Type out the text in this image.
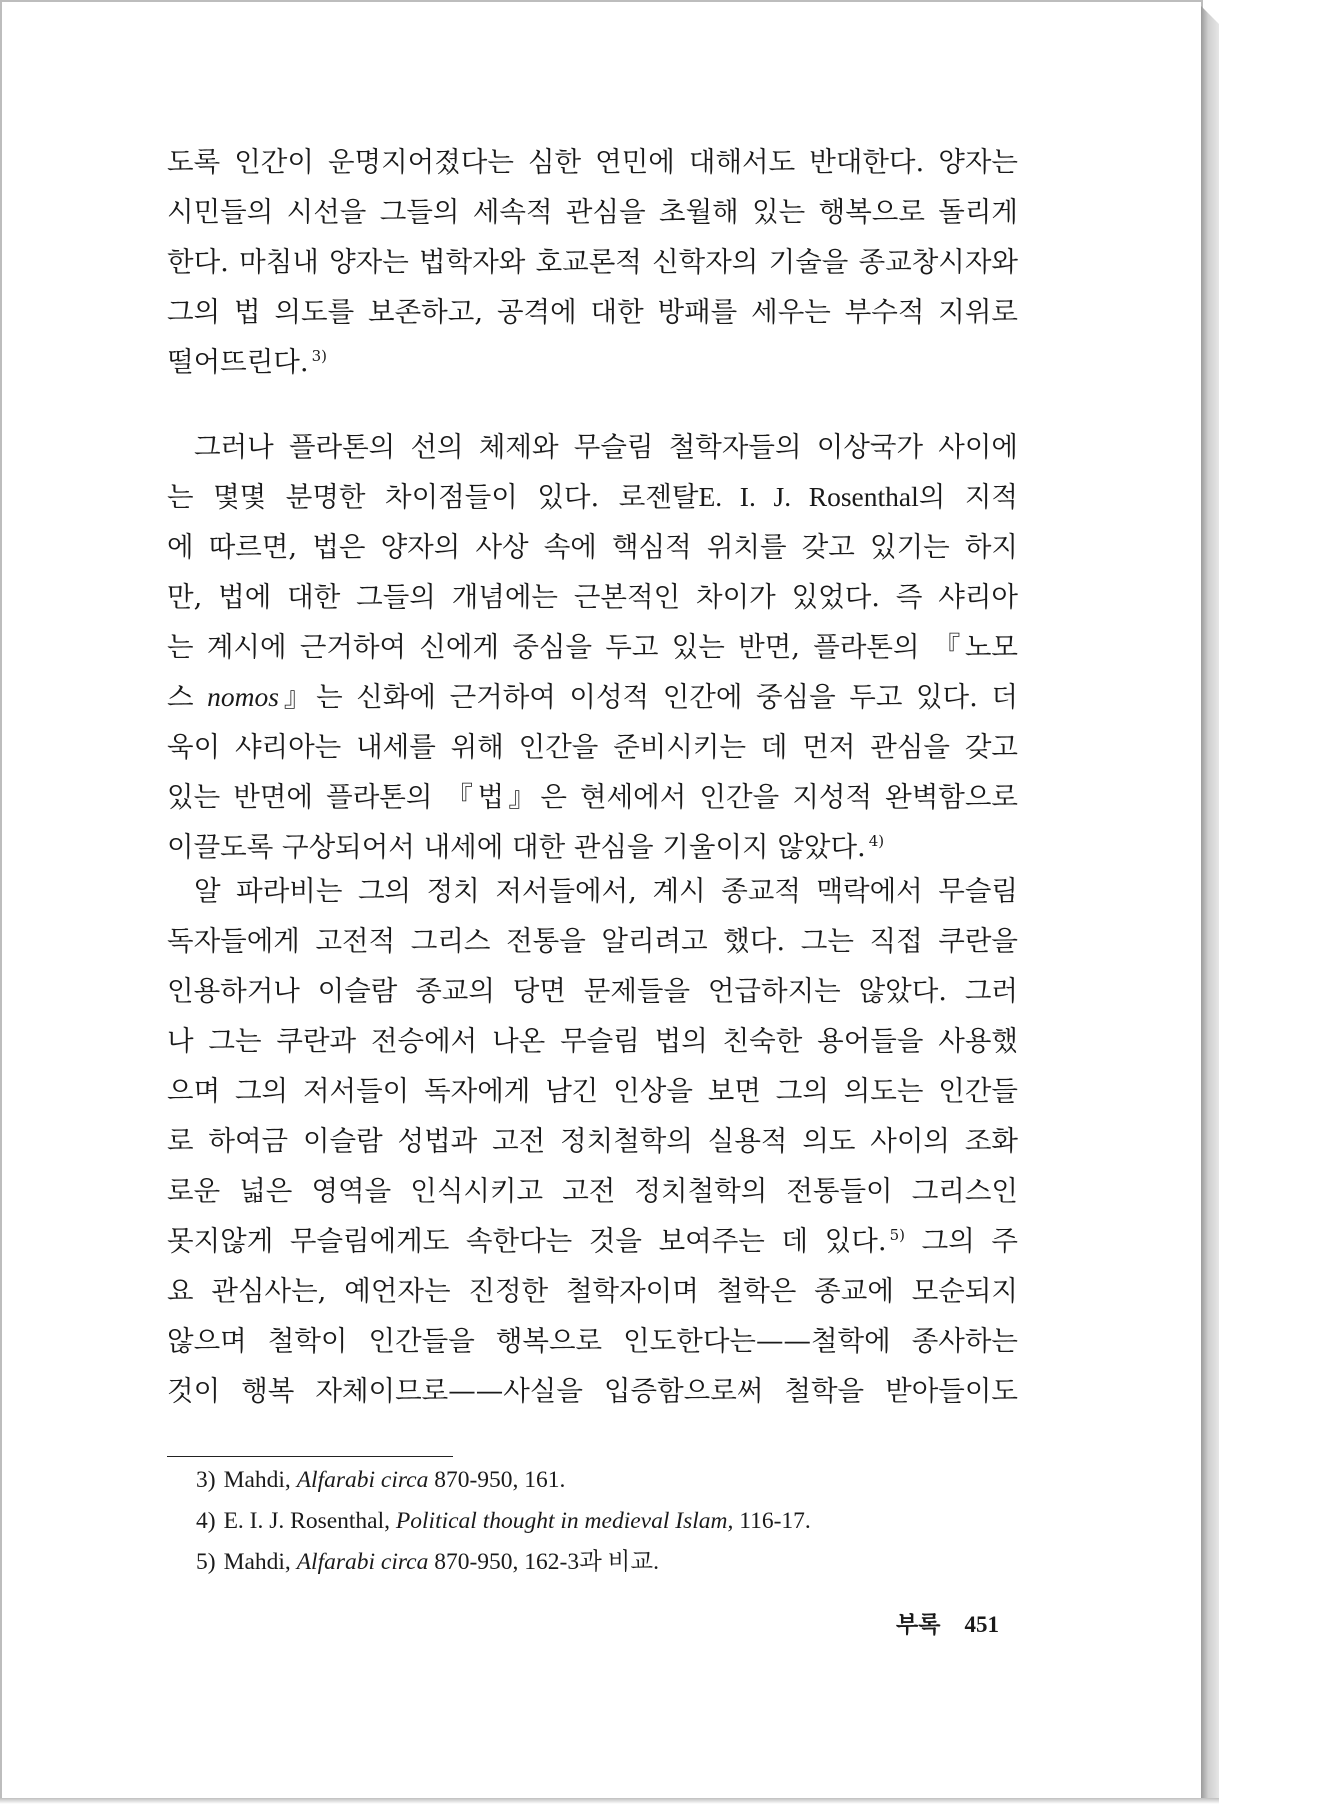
도록 인간이 운명지어졌다는 심한 연민에 대해서도 반대한다. 양자는
시민들의 시선을 그들의 세속적 관심을 초월해 있는 행복으로 돌리게
한다. 마침내 양자는 법학자와 호교론적 신학자의 기술을 종교창시자와
그의 법 의도를 보존하고, 공격에 대한 방패를 세우는 부수적 지위로
떨어뜨린다. $^{3)}$
그러나 플라톤의 선의 체제와 무슬림 철학자들의 이상국가 사이에
는 몇몇 분명한 차이점들이 있다. 로젠탈E. I. J. Rosenthal의 지적
에 따르면, 법은 양자의 사상 속에 핵심적 위치를 갖고 있기는 하지
만, 법에 대한 그들의 개념에는 근본적인 차이가 있었다. 즉 샤리아
는 계시에 근거하여 신에게 중심을 두고 있는 반면, 플라톤의 『노모
스 nomos』는 신화에 근거하여 이성적 인간에 중심을 두고 있다. 더
욱이 샤리아는 내세를 위해 인간을 준비시키는 데 먼저 관심을 갖고
있는 반면에 플라톤의 『법』은 현세에서 인간을 지성적 완벽함으로
이끌도록 구상되어서 내세에 대한 관심을 기울이지 않았다. $^{4)}$
알 파라비는 그의 정치 저서들에서, 계시 종교적 맥락에서 무슬림
독자들에게 고전적 그리스 전통을 알리려고 했다. 그는 직접 쿠란을
인용하거나 이슬람 종교의 당면 문제들을 언급하지는 않았다. 그러
나 그는 쿠란과 전승에서 나온 무슬림 법의 친숙한 용어들을 사용했
으며 그의 저서들이 독자에게 남긴 인상을 보면 그의 의도는 인간들
로 하여금 이슬람 성법과 고전 정치철학의 실용적 의도 사이의 조화
로운 넓은 영역을 인식시키고 고전 정치철학의 전통들이 그리스인
못지않게 무슬림에게도 속한다는 것을 보여주는 데 있다. $^{5)}$ 그의 주
요 관심사는, 예언자는 진정한 철학자이며 철학은 종교에 모순되지
않으며 철학이 인간들을 행복으로 인도한다는——철학에 종사하는
것이 행복 자체이므로——사실을 입증함으로써 철학을 받아들이도
3) Mahdi, Alfarabi circa 870-950, 161.
4) E. I. J. Rosenthal, Political thought in medieval Islam, 116-17.
5) Mahdi, Alfarabi circa 870-950, 162-3과 비교.
부록 451
